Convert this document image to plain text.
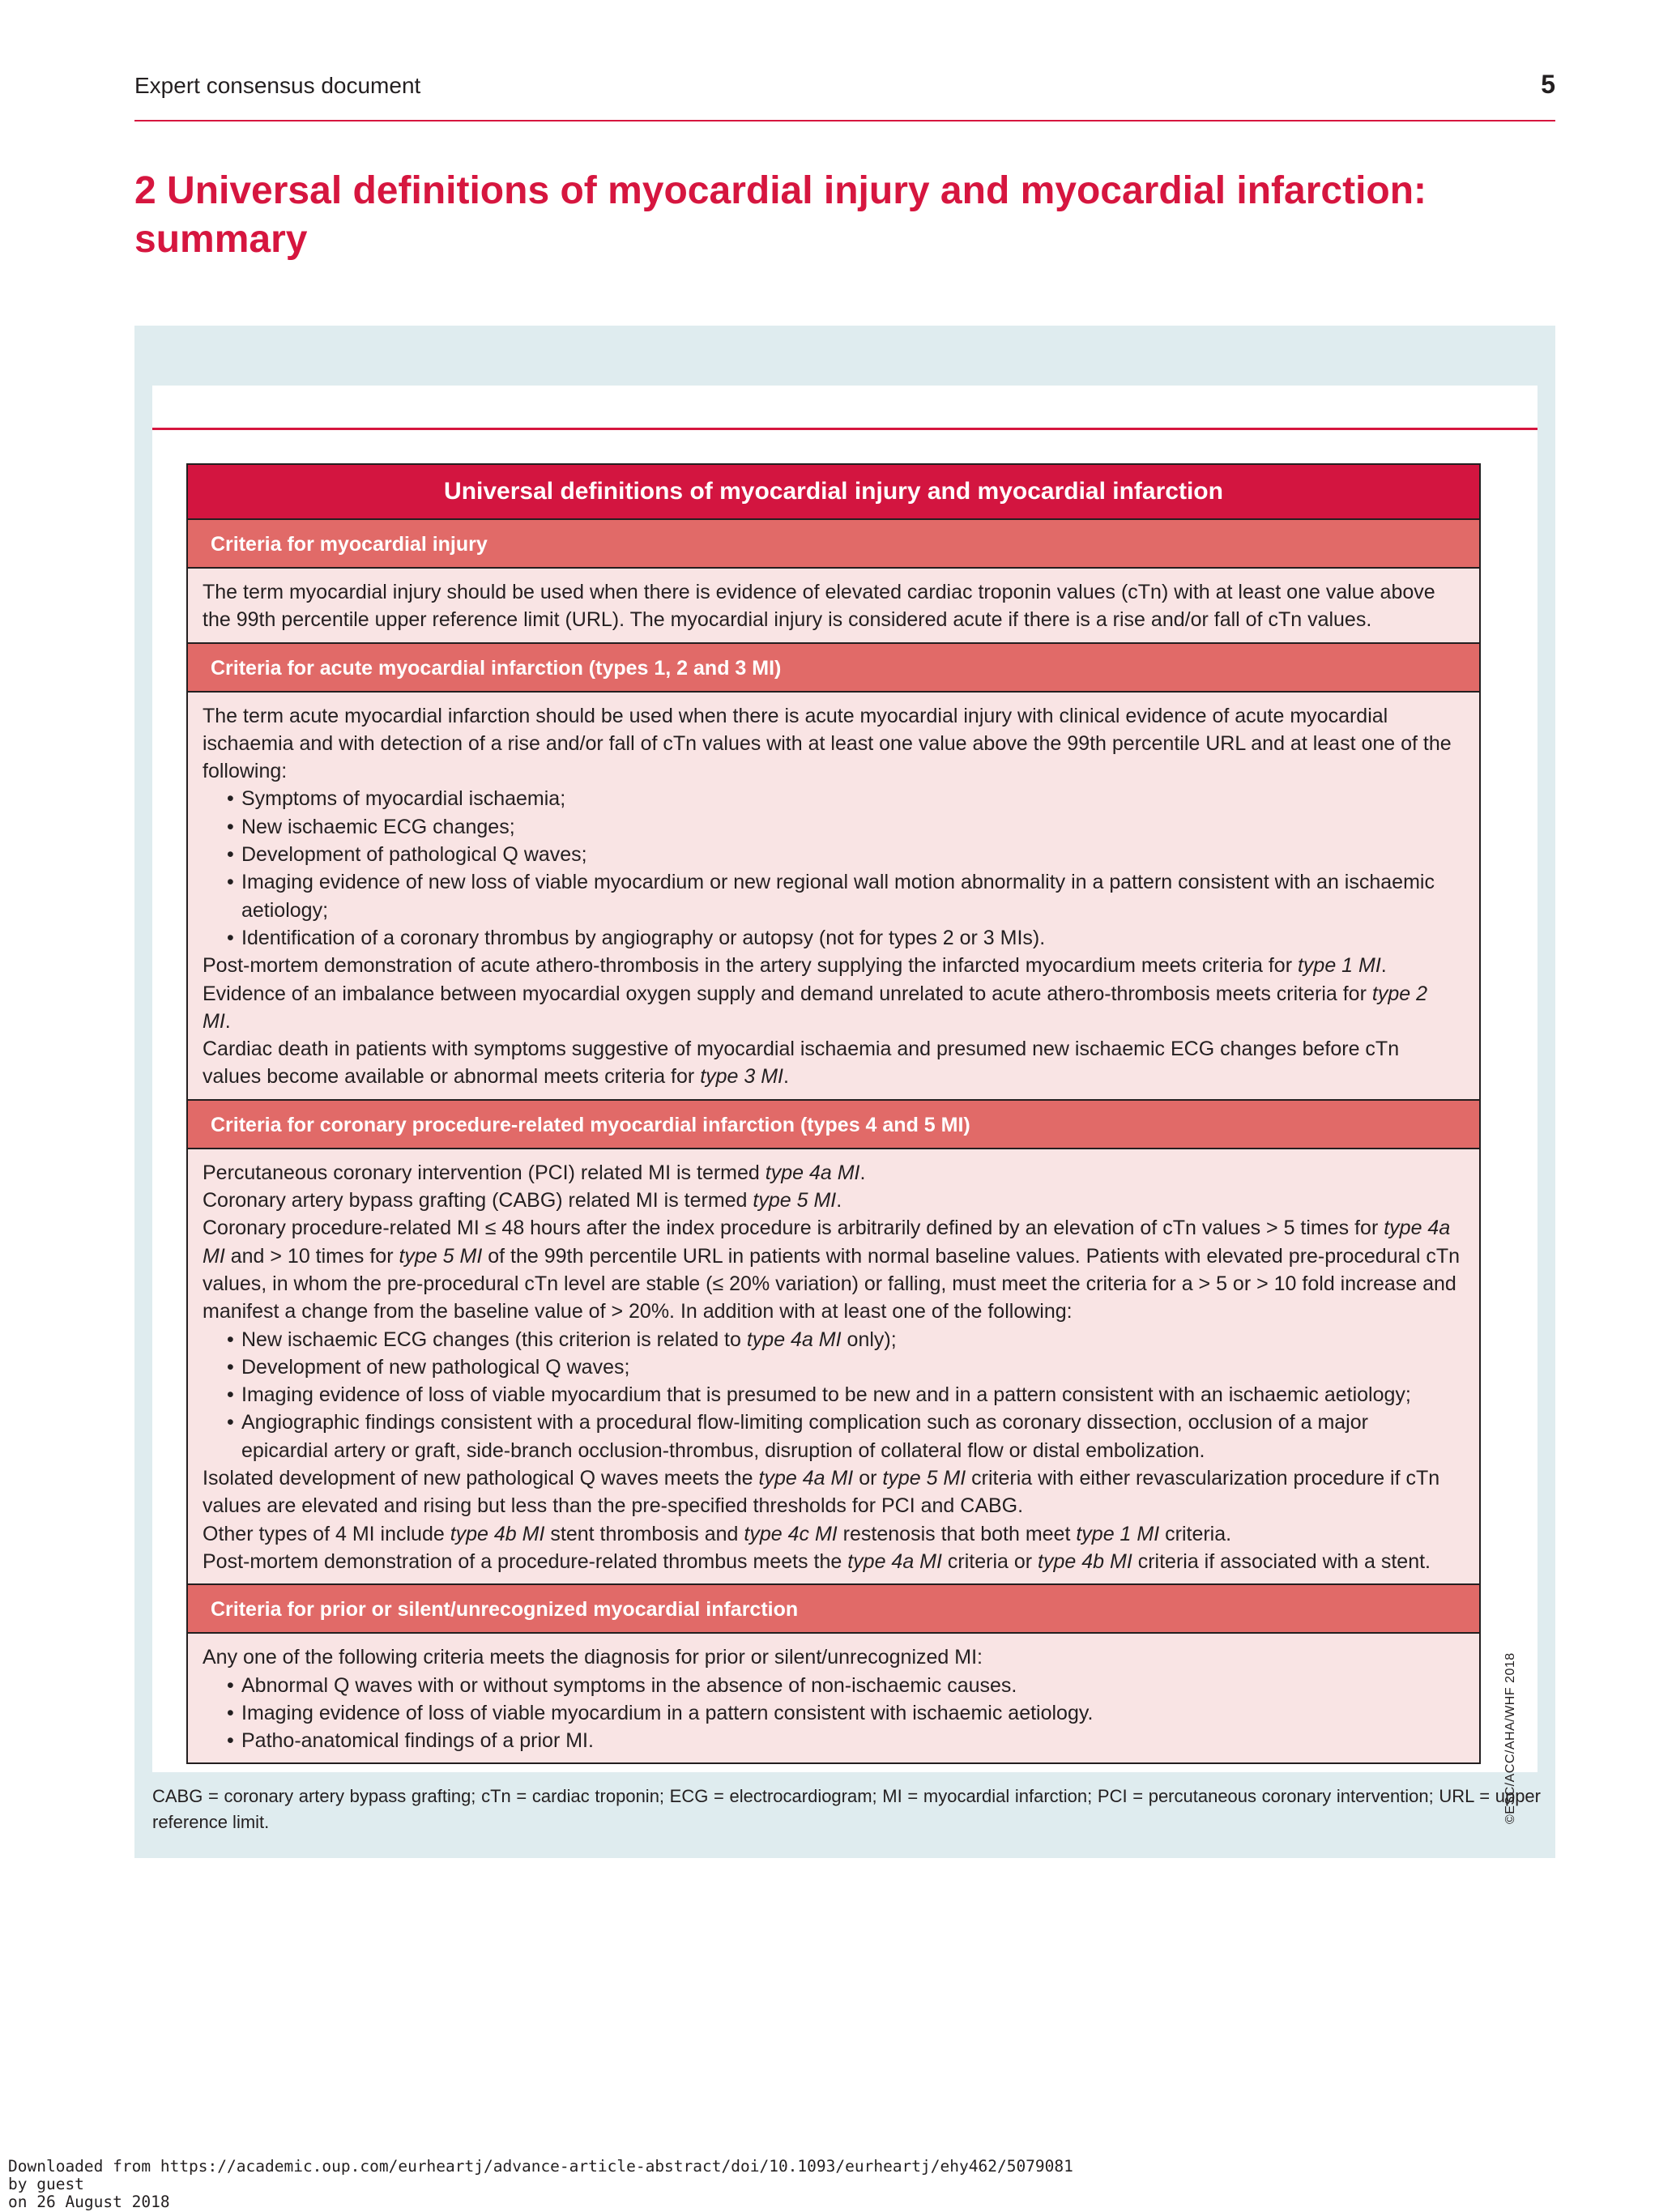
Expert consensus document	5
2 Universal definitions of myocardial injury and myocardial infarction: summary
Universal definitions of myocardial injury and myocardial infarction
Criteria for myocardial injury

The term myocardial injury should be used when there is evidence of elevated cardiac troponin values (cTn) with at least one value above the 99th percentile upper reference limit (URL). The myocardial injury is considered acute if there is a rise and/or fall of cTn values.

Criteria for acute myocardial infarction (types 1, 2 and 3 MI)

The term acute myocardial infarction should be used when there is acute myocardial injury with clinical evidence of acute myocardial ischaemia and with detection of a rise and/or fall of cTn values with at least one value above the 99th percentile URL and at least one of the following:

• Symptoms of myocardial ischaemia;
• New ischaemic ECG changes;
• Development of pathological Q waves;
• Imaging evidence of new loss of viable myocardium or new regional wall motion abnormality in a pattern consistent with an ischaemic aetiology;
• Identification of a coronary thrombus by angiography or autopsy (not for types 2 or 3 MIs).

Post-mortem demonstration of acute athero-thrombosis in the artery supplying the infarcted myocardium meets criteria for type 1 MI.

Evidence of an imbalance between myocardial oxygen supply and demand unrelated to acute athero-thrombosis meets criteria for type 2 MI.

Cardiac death in patients with symptoms suggestive of myocardial ischaemia and presumed new ischaemic ECG changes before cTn values become available or abnormal meets criteria for type 3 MI.

Criteria for coronary procedure-related myocardial infarction (types 4 and 5 MI)

Percutaneous coronary intervention (PCI) related MI is termed type 4a MI.

Coronary artery bypass grafting (CABG) related MI is termed type 5 MI.

Coronary procedure-related MI ≤ 48 hours after the index procedure is arbitrarily defined by an elevation of cTn values > 5 times for type 4a MI and > 10 times for type 5 MI of the 99th percentile URL in patients with normal baseline values. Patients with elevated pre-procedural cTn values, in whom the pre-procedural cTn level are stable (≤ 20% variation) or falling, must meet the criteria for a > 5 or > 10 fold increase and manifest a change from the baseline value of > 20%. In addition with at least one of the following:

• New ischaemic ECG changes (this criterion is related to type 4a MI only);
• Development of new pathological Q waves;
• Imaging evidence of loss of viable myocardium that is presumed to be new and in a pattern consistent with an ischaemic aetiology;
• Angiographic findings consistent with a procedural flow-limiting complication such as coronary dissection, occlusion of a major epicardial artery or graft, side-branch occlusion-thrombus, disruption of collateral flow or distal embolization.

Isolated development of new pathological Q waves meets the type 4a MI or type 5 MI criteria with either revascularization procedure if cTn values are elevated and rising but less than the pre-specified thresholds for PCI and CABG.

Other types of 4 MI include type 4b MI stent thrombosis and type 4c MI restenosis that both meet type 1 MI criteria.

Post-mortem demonstration of a procedure-related thrombus meets the type 4a MI criteria or type 4b MI criteria if associated with a stent.

Criteria for prior or silent/unrecognized myocardial infarction

Any one of the following criteria meets the diagnosis for prior or silent/unrecognized MI:

• Abnormal Q waves with or without symptoms in the absence of non-ischaemic causes.
• Imaging evidence of loss of viable myocardium in a pattern consistent with ischaemic aetiology.
• Patho-anatomical findings of a prior MI.	©ESC/ACC/AHA/WHF 2018

CABG = coronary artery bypass grafting; cTn = cardiac troponin; ECG = electrocardiogram; MI = myocardial infarction; PCI = percutaneous coronary intervention; URL = upper reference limit.

Downloaded from https://academic.oup.com/eurheartj/advance-article-abstract/doi/10.1093/eurheartj/ehy462/5079081
by guest
on 26 August 2018
